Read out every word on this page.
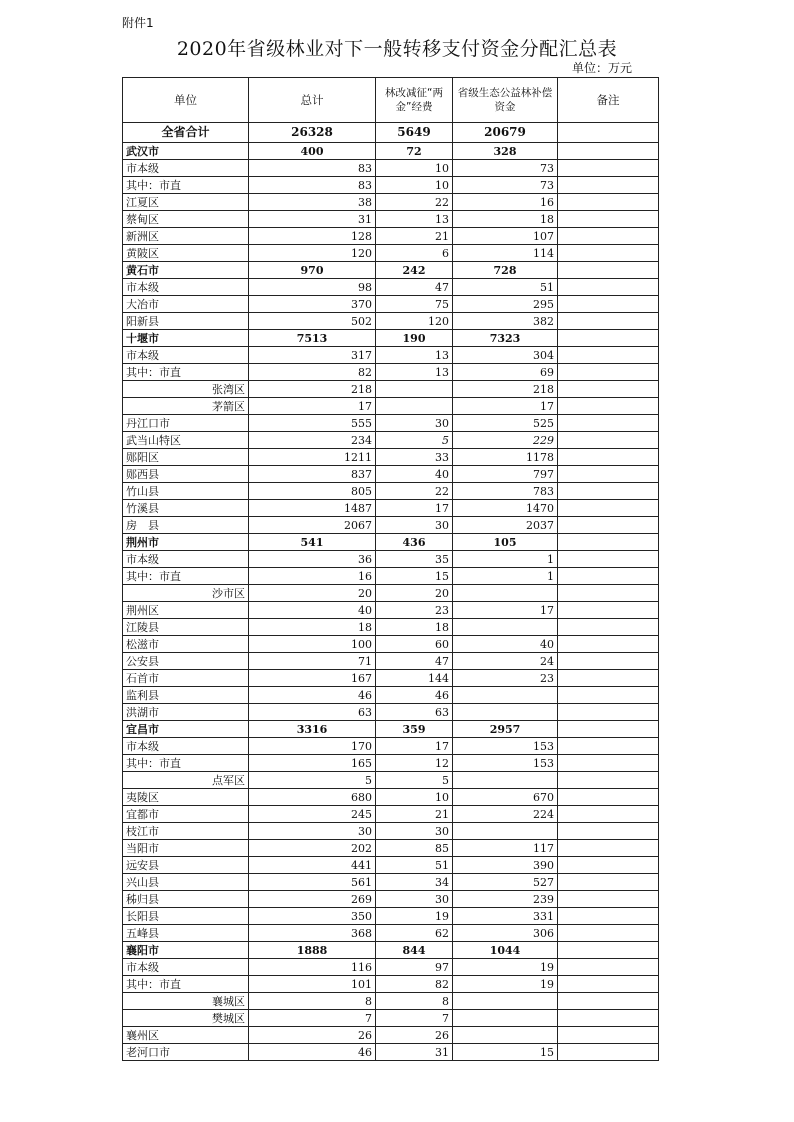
附件1
2020年省级林业对下一般转移支付资金分配汇总表
单位：万元
单位	总计	林改减征“两金”经费	省级生态公益林补偿资金	备注
全省合计	26328	5649	20679	
武汉市	400	72	328	
市本级	83	10	73	
其中：市直	83	10	73	
江夏区	38	22	16	
蔡甸区	31	13	18	
新洲区	128	21	107	
黄陂区	120	6	114	
黄石市	970	242	728	
市本级	98	47	51	
大冶市	370	75	295	
阳新县	502	120	382	
十堰市	7513	190	7323	
市本级	317	13	304	
其中：市直	82	13	69	
张湾区	218		218	
茅箭区	17		17	
丹江口市	555	30	525	
武当山特区	234	5	229	
郧阳区	1211	33	1178	
郧西县	837	40	797	
竹山县	805	22	783	
竹溪县	1487	17	1470	
房　县	2067	30	2037	
荆州市	541	436	105	
市本级	36	35	1	
其中：市直	16	15	1	
沙市区	20	20		
荆州区	40	23	17	
江陵县	18	18		
松滋市	100	60	40	
公安县	71	47	24	
石首市	167	144	23	
监利县	46	46		
洪湖市	63	63		
宜昌市	3316	359	2957	
市本级	170	17	153	
其中：市直	165	12	153	
点军区	5	5		
夷陵区	680	10	670	
宜都市	245	21	224	
枝江市	30	30		
当阳市	202	85	117	
远安县	441	51	390	
兴山县	561	34	527	
秭归县	269	30	239	
长阳县	350	19	331	
五峰县	368	62	306	
襄阳市	1888	844	1044	
市本级	116	97	19	
其中：市直	101	82	19	
襄城区	8	8		
樊城区	7	7		
襄州区	26	26		
老河口市	46	31	15	
